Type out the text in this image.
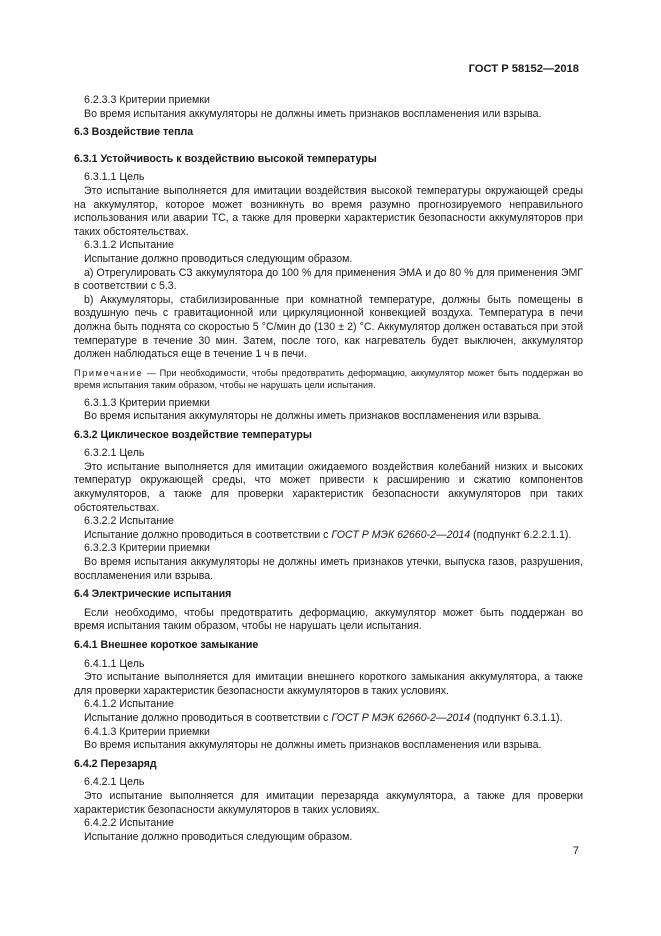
ГОСТ Р 58152—2018

6.2.3.3 Критерии приемки

Во время испытания аккумуляторы не должны иметь признаков воспламенения или взрыва.

6.3 Воздействие тепла

6.3.1 Устойчивость к воздействию высокой температуры

6.3.1.1 Цель

Это испытание выполняется для имитации воздействия высокой температуры окружающей среды на аккумулятор, которое может возникнуть во время разумно прогнозируемого неправильного использования или аварии ТС, а также для проверки характеристик безопасности аккумуляторов при таких обстоятельствах.

6.3.1.2 Испытание

Испытание должно проводиться следующим образом.

a) Отрегулировать СЗ аккумулятора до 100 % для применения ЭМА и до 80 % для применения ЭМГ в соответствии с 5.3.

b) Аккумуляторы, стабилизированные при комнатной температуре, должны быть помещены в воздушную печь с гравитационной или циркуляционной конвекцией воздуха. Температура в печи должна быть поднята со скоростью 5 °С/мин до (130 ± 2) °С. Аккумулятор должен оставаться при этой температуре в течение 30 мин. Затем, после того, как нагреватель будет выключен, аккумулятор должен наблюдаться еще в течение 1 ч в печи.

Примечание — При необходимости, чтобы предотвратить деформацию, аккумулятор может быть поддержан во время испытания таким образом, чтобы не нарушать цели испытания.

6.3.1.3 Критерии приемки

Во время испытания аккумуляторы не должны иметь признаков воспламенения или взрыва.

6.3.2 Циклическое воздействие температуры

6.3.2.1 Цель

Это испытание выполняется для имитации ожидаемого воздействия колебаний низких и высоких температур окружающей среды, что может привести к расширению и сжатию компонентов аккумуляторов, а также для проверки характеристик безопасности аккумуляторов при таких обстоятельствах.

6.3.2.2 Испытание

Испытание должно проводиться в соответствии с ГОСТ Р МЭК 62660-2—2014 (подпункт 6.2.2.1.1).

6.3.2.3 Критерии приемки

Во время испытания аккумуляторы не должны иметь признаков утечки, выпуска газов, разрушения, воспламенения или взрыва.

6.4 Электрические испытания

Если необходимо, чтобы предотвратить деформацию, аккумулятор может быть поддержан во время испытания таким образом, чтобы не нарушать цели испытания.

6.4.1 Внешнее короткое замыкание

6.4.1.1 Цель

Это испытание выполняется для имитации внешнего короткого замыкания аккумулятора, а также для проверки характеристик безопасности аккумуляторов в таких условиях.

6.4.1.2 Испытание

Испытание должно проводиться в соответствии с ГОСТ Р МЭК 62660-2—2014 (подпункт 6.3.1.1).

6.4.1.3 Критерии приемки

Во время испытания аккумуляторы не должны иметь признаков воспламенения или взрыва.

6.4.2 Перезаряд

6.4.2.1 Цель

Это испытание выполняется для имитации перезаряда аккумулятора, а также для проверки характеристик безопасности аккумуляторов в таких условиях.

6.4.2.2 Испытание

Испытание должно проводиться следующим образом.

7
